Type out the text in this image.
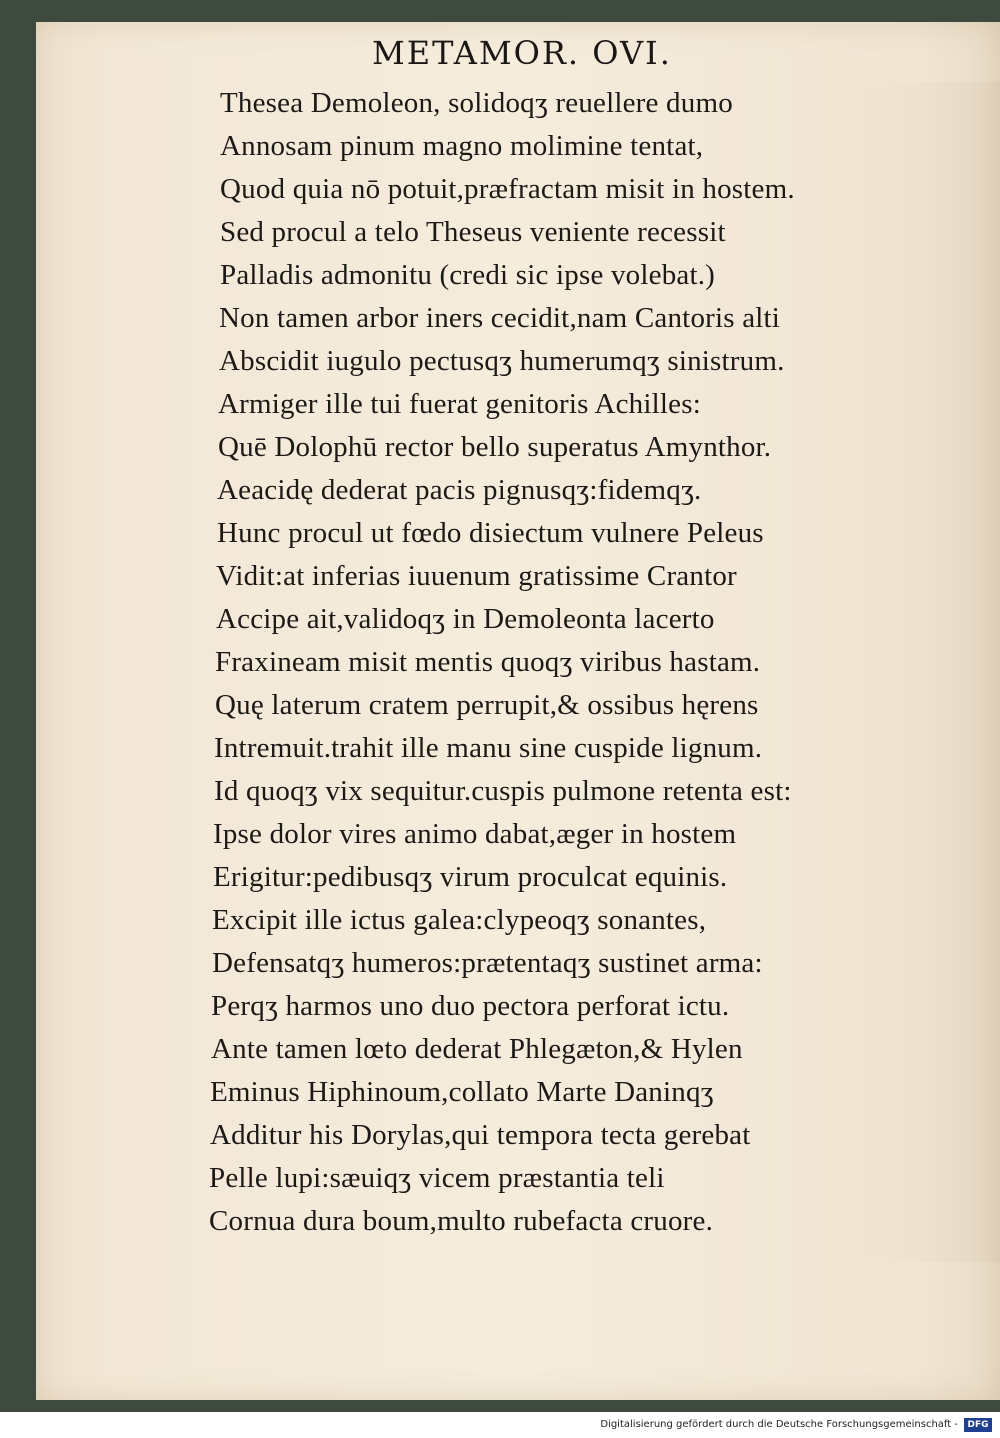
METAMOR. OVI.
Thesea Demoleon, solidoqʒ reuellere dumo
Annosam pinum magno molimine tentat,
Quod quia nō potuit,præfractam misit in hostem.
Sed procul a telo Theseus veniente recessit
Palladis admonitu (credi sic ipse volebat.)
Non tamen arbor iners cecidit,nam Cantoris alti
Abscidit iugulo pectusqʒ humerumqʒ sinistrum.
Armiger ille tui fuerat genitoris Achilles:
Quē Dolophū rector bello superatus Amynthor.
Aeacidę dederat pacis pignusqʒ:fidemqʒ.
Hunc procul ut fœdo disiectum vulnere Peleus
Vidit:at inferias iuuenum gratissime Crantor
Accipe ait,validoqʒ in Demoleonta lacerto
Fraxineam misit mentis quoqʒ viribus hastam.
Quę laterum cratem perrupit,& ossibus hęrens
Intremuit.trahit ille manu sine cuspide lignum.
Id quoqʒ vix sequitur.cuspis pulmone retenta est:
Ipse dolor vires animo dabat,æger in hostem
Erigitur:pedibusqʒ virum proculcat equinis.
Excipit ille ictus galea:clypeoqʒ sonantes,
Defensatqʒ humeros:prætentaqʒ sustinet arma:
Perqʒ harmos uno duo pectora perforat ictu.
Ante tamen lœto dederat Phlegæton,& Hylen
Eminus Hiphinoum,collato Marte Daninqʒ
Additur his Dorylas,qui tempora tecta gerebat
Pelle lupi:sæuiqʒ vicem præstantia teli
Cornua dura boum,multo rubefacta cruore.
Digitalisierung gefördert durch die Deutsche Forschungsgemeinschaft -	DFG
